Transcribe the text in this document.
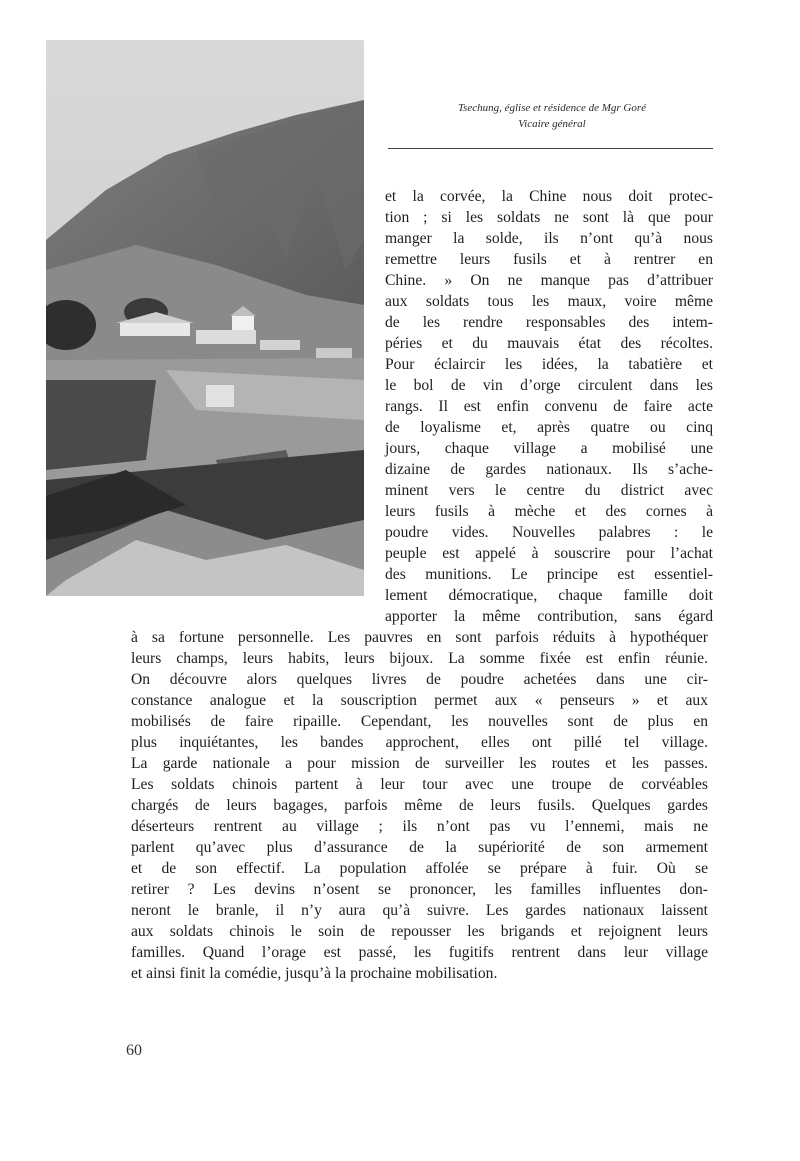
Tsechung, église et résidence de Mgr Goré
Vicaire général
et la corvée, la Chine nous doit protec-
tion ; si les soldats ne sont là que pour
manger la solde, ils n’ont qu’à nous
remettre leurs fusils et à rentrer en
Chine. » On ne manque pas d’attribuer
aux soldats tous les maux, voire même
de les rendre responsables des intem-
péries et du mauvais état des récoltes.
Pour éclaircir les idées, la tabatière et
le bol de vin d’orge circulent dans les
rangs. Il est enfin convenu de faire acte
de loyalisme et, après quatre ou cinq
jours, chaque village a mobilisé une
dizaine de gardes nationaux. Ils s’ache-
minent vers le centre du district avec
leurs fusils à mèche et des cornes à
poudre vides. Nouvelles palabres : le
peuple est appelé à souscrire pour l’achat
des munitions. Le principe est essentiel-
lement démocratique, chaque famille doit
apporter la même contribution, sans égard
à sa fortune personnelle. Les pauvres en sont parfois réduits à hypothéquer
leurs champs, leurs habits, leurs bijoux. La somme fixée est enfin réunie.
On découvre alors quelques livres de poudre achetées dans une cir-
constance analogue et la souscription permet aux « penseurs » et aux
mobilisés de faire ripaille. Cependant, les nouvelles sont de plus en
plus inquiétantes, les bandes approchent, elles ont pillé tel village.
La garde nationale a pour mission de surveiller les routes et les passes.
Les soldats chinois partent à leur tour avec une troupe de corvéables
chargés de leurs bagages, parfois même de leurs fusils. Quelques gardes
déserteurs rentrent au village ; ils n’ont pas vu l’ennemi, mais ne
parlent qu’avec plus d’assurance de la supériorité de son armement
et de son effectif. La population affolée se prépare à fuir. Où se
retirer ? Les devins n’osent se prononcer, les familles influentes don-
neront le branle, il n’y aura qu’à suivre. Les gardes nationaux laissent
aux soldats chinois le soin de repousser les brigands et rejoignent leurs
familles. Quand l’orage est passé, les fugitifs rentrent dans leur village
et ainsi finit la comédie, jusqu’à la prochaine mobilisation.
60
